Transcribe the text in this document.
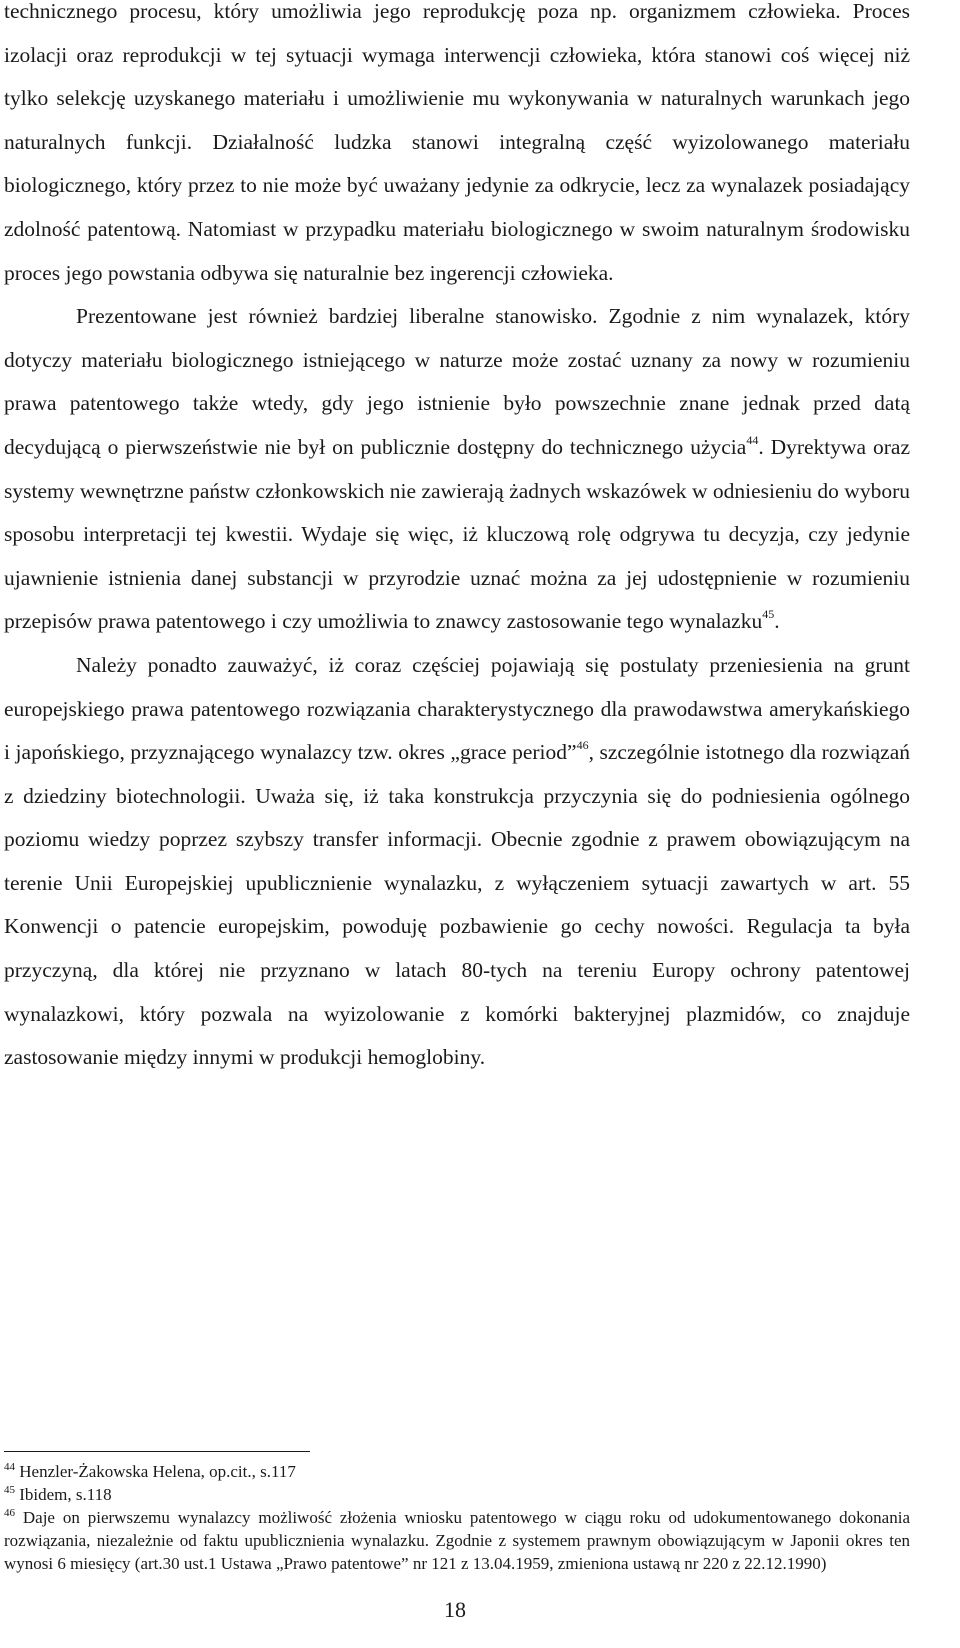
technicznego procesu, który umożliwia jego reprodukcję poza np. organizmem człowieka. Proces izolacji oraz reprodukcji w tej sytuacji wymaga interwencji człowieka, która stanowi coś więcej niż tylko selekcję uzyskanego materiału i umożliwienie mu wykonywania w naturalnych warunkach jego naturalnych funkcji. Działalność ludzka stanowi integralną część wyizolowanego materiału biologicznego, który przez to nie może być uważany jedynie za odkrycie, lecz za wynalazek posiadający zdolność patentową. Natomiast w przypadku materiału biologicznego w swoim naturalnym środowisku proces jego powstania odbywa się naturalnie bez ingerencji człowieka.

Prezentowane jest również bardziej liberalne stanowisko. Zgodnie z nim wynalazek, który dotyczy materiału biologicznego istniejącego w naturze może zostać uznany za nowy w rozumieniu prawa patentowego także wtedy, gdy jego istnienie było powszechnie znane jednak przed datą decydującą o pierwszeństwie nie był on publicznie dostępny do technicznego użycia$^{44}$. Dyrektywa oraz systemy wewnętrzne państw członkowskich nie zawierają żadnych wskazówek w odniesieniu do wyboru sposobu interpretacji tej kwestii. Wydaje się więc, iż kluczową rolę odgrywa tu decyzja, czy jedynie ujawnienie istnienia danej substancji w przyrodzie uznać można za jej udostępnienie w rozumieniu przepisów prawa patentowego i czy umożliwia to znawcy zastosowanie tego wynalazku$^{45}$.

Należy ponadto zauważyć, iż coraz częściej pojawiają się postulaty przeniesienia na grunt europejskiego prawa patentowego rozwiązania charakterystycznego dla prawodawstwa amerykańskiego i japońskiego, przyznającego wynalazcy tzw. okres „grace period”$^{46}$, szczególnie istotnego dla rozwiązań z dziedziny biotechnologii. Uważa się, iż taka konstrukcja przyczynia się do podniesienia ogólnego poziomu wiedzy poprzez szybszy transfer informacji. Obecnie zgodnie z prawem obowiązującym na terenie Unii Europejskiej upublicznienie wynalazku, z wyłączeniem sytuacji zawartych w art. 55 Konwencji o patencie europejskim, powoduję pozbawienie go cechy nowości. Regulacja ta była przyczyną, dla której nie przyznano w latach 80-tych na tereniu Europy ochrony patentowej wynalazkowi, który pozwala na wyizolowanie z komórki bakteryjnej plazmidów, co znajduje zastosowanie między innymi w produkcji hemoglobiny.

$^{44}$ Henzler-Żakowska Helena, op.cit., s.117

$^{45}$ Ibidem, s.118

$^{46}$ Daje on pierwszemu wynalazcy możliwość złożenia wniosku patentowego w ciągu roku od udokumentowanego dokonania rozwiązania, niezależnie od faktu upublicznienia wynalazku. Zgodnie z systemem prawnym obowiązującym w Japonii okres ten wynosi 6 miesięcy (art.30 ust.1 Ustawa „Prawo patentowe” nr 121 z 13.04.1959, zmieniona ustawą nr 220 z 22.12.1990)

18
